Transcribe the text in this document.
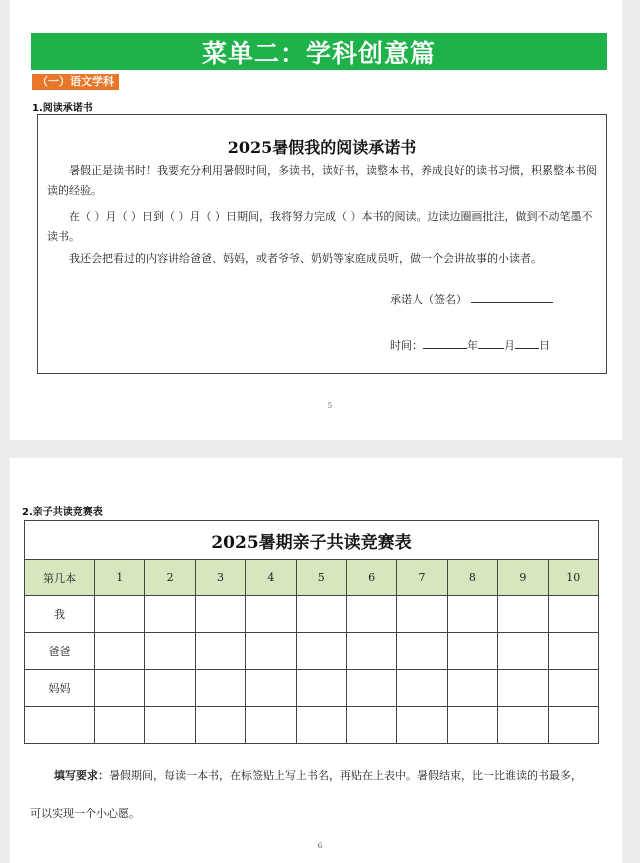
菜单二：学科创意篇
（一）语文学科
1.阅读承诺书
2025暑假我的阅读承诺书
暑假正是读书时！我要充分利用暑假时间，多读书，读好书，读整本书，养成良好的读书习惯，积累整本书阅读的经验。
在（ ）月（ ）日到（ ）月（ ）日期间，我将努力完成（ ）本书的阅读。边读边圈画批注，做到不动笔墨不读书。
我还会把看过的内容讲给爸爸、妈妈，或者爷爷、奶奶等家庭成员听，做一个会讲故事的小读者。
承诺人（签名）
时间：	年 月 日
5
2.亲子共读竞赛表
2025暑期亲子共读竞赛表										
第几本	1	2	3	4	5	6	7	8	9	10
我										
爸爸										
妈妈										

填写要求：暑假期间，每读一本书，在标签贴上写上书名，再贴在上表中。暑假结束，比一比谁读的书最多，可以实现一个小心愿。
6
